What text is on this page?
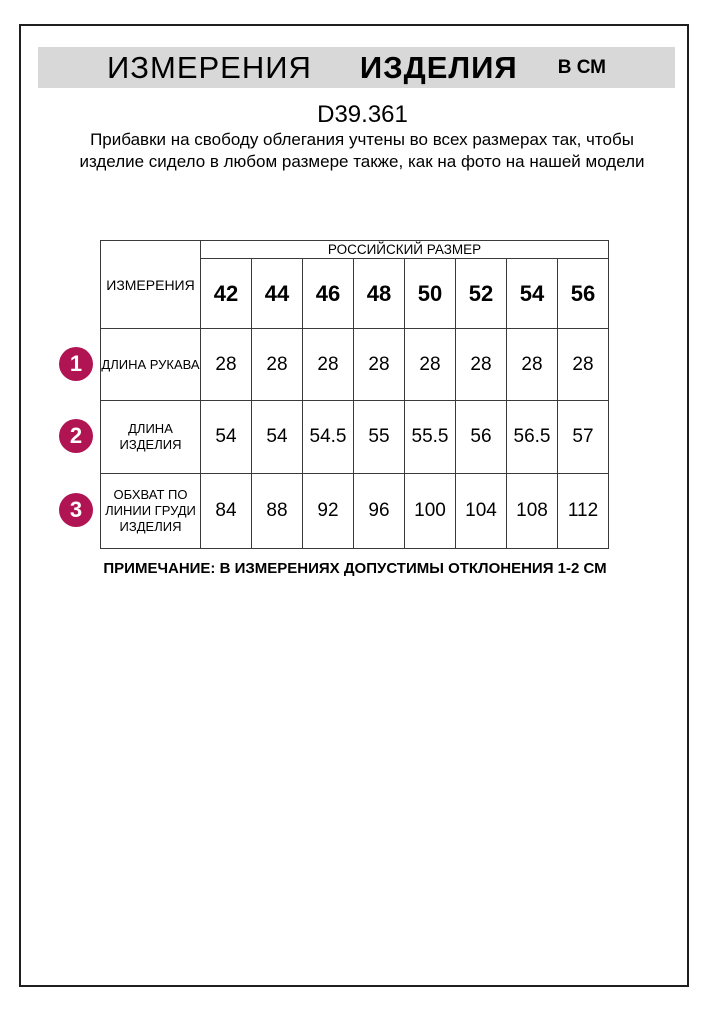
ИЗМЕРЕНИЯ ИЗДЕЛИЯ В СМ
D39.361
Прибавки на свободу облегания учтены во всех размерах так, чтобы изделие сидело в любом размере также, как на фото на нашей модели
ИЗМЕРЕНИЯ	РОССИЙСКИЙ РАЗМЕР							
	42	44	46	48	50	52	54	56
ДЛИНА РУКАВА	28	28	28	28	28	28	28	28
ДЛИНА ИЗДЕЛИЯ	54	54	54.5	55	55.5	56	56.5	57
ОБХВАТ ПО ЛИНИИ ГРУДИ ИЗДЕЛИЯ	84	88	92	96	100	104	108	112
1
2
3
ПРИМЕЧАНИЕ: В ИЗМЕРЕНИЯХ ДОПУСТИМЫ ОТКЛОНЕНИЯ 1-2 СМ
